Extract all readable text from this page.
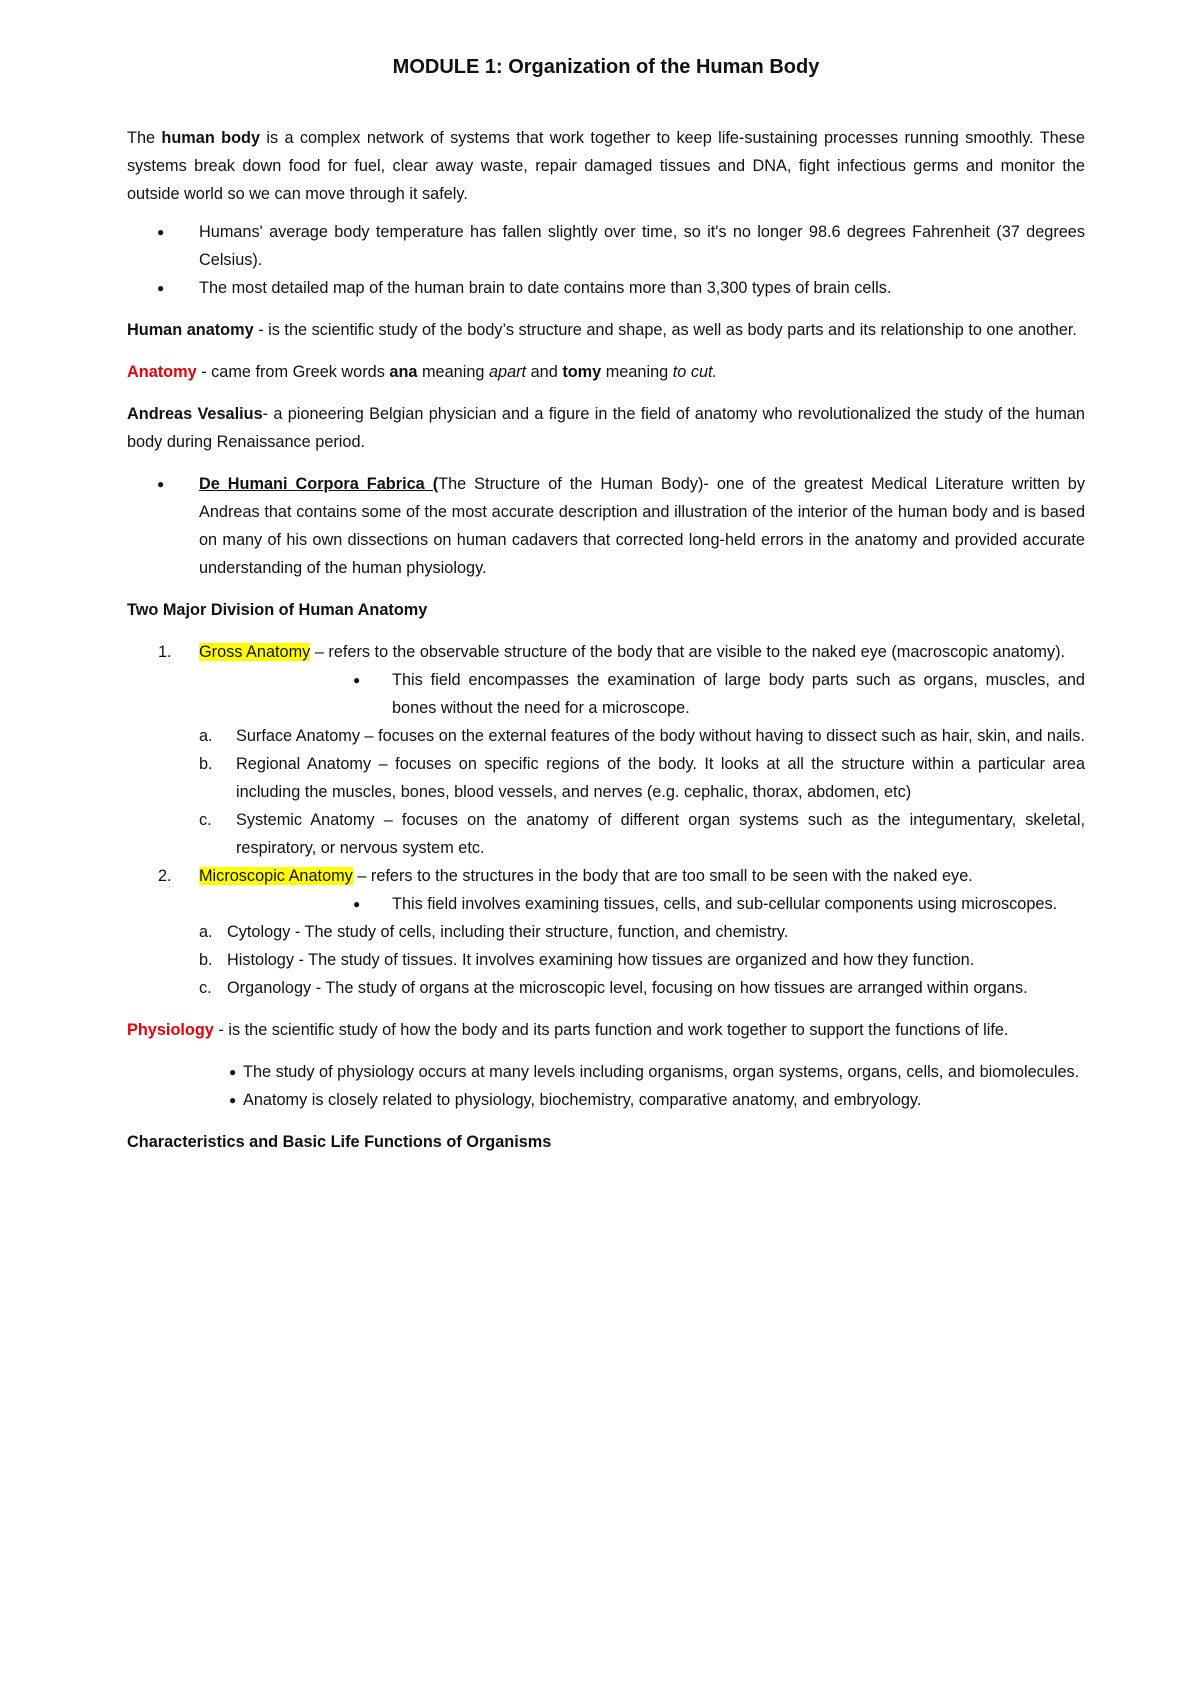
MODULE 1: Organization of the Human Body

The human body is a complex network of systems that work together to keep life-sustaining processes running smoothly. These systems break down food for fuel, clear away waste, repair damaged tissues and DNA, fight infectious germs and monitor the outside world so we can move through it safely.

● Humans' average body temperature has fallen slightly over time, so it's no longer 98.6 degrees Fahrenheit (37 degrees Celsius).
● The most detailed map of the human brain to date contains more than 3,300 types of brain cells.

Human anatomy - is the scientific study of the body’s structure and shape, as well as body parts and its relationship to one another.

Anatomy - came from Greek words ana meaning apart and tomy meaning to cut.

Andreas Vesalius- a pioneering Belgian physician and a figure in the field of anatomy who revolutionalized the study of the human body during Renaissance period.

● De Humani Corpora Fabrica (The Structure of the Human Body)- one of the greatest Medical Literature written by Andreas that contains some of the most accurate description and illustration of the interior of the human body and is based on many of his own dissections on human cadavers that corrected long-held errors in the anatomy and provided accurate understanding of the human physiology.

Two Major Division of Human Anatomy

1. Gross Anatomy – refers to the observable structure of the body that are visible to the naked eye (macroscopic anatomy).
● This field encompasses the examination of large body parts such as organs, muscles, and bones without the need for a microscope.
a. Surface Anatomy – focuses on the external features of the body without having to dissect such as hair, skin, and nails.
b. Regional Anatomy – focuses on specific regions of the body. It looks at all the structure within a particular area including the muscles, bones, blood vessels, and nerves (e.g. cephalic, thorax, abdomen, etc)
c. Systemic Anatomy – focuses on the anatomy of different organ systems such as the integumentary, skeletal, respiratory, or nervous system etc.
2. Microscopic Anatomy – refers to the structures in the body that are too small to be seen with the naked eye.
● This field involves examining tissues, cells, and sub-cellular components using microscopes.
a. Cytology - The study of cells, including their structure, function, and chemistry.
b. Histology - The study of tissues. It involves examining how tissues are organized and how they function.
c. Organology - The study of organs at the microscopic level, focusing on how tissues are arranged within organs.

Physiology - is the scientific study of how the body and its parts function and work together to support the functions of life.

● The study of physiology occurs at many levels including organisms, organ systems, organs, cells, and biomolecules.
● Anatomy is closely related to physiology, biochemistry, comparative anatomy, and embryology.

Characteristics and Basic Life Functions of Organisms
